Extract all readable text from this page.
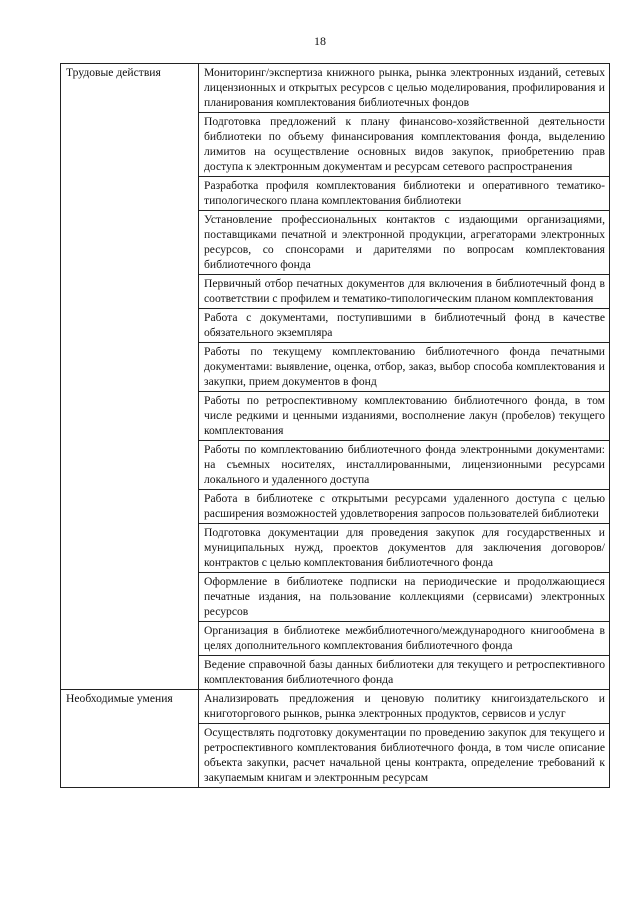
18
Трудовые действия	Мониторинг/экспертиза книжного рынка, рынка электронных изданий, сетевых лицензионных и открытых ресурсов с целью моделирования, профилирования и планирования комплектования библиотечных фондов
	Подготовка предложений к плану финансово-хозяйственной деятельности библиотеки по объему финансирования комплектования фонда, выделению лимитов на осуществление основных видов закупок, приобретению прав доступа к электронным документам и ресурсам сетевого распространения
	Разработка профиля комплектования библиотеки и оперативного тематико-типологического плана комплектования библиотеки
	Установление профессиональных контактов с издающими организациями, поставщиками печатной и электронной продукции, агрегаторами электронных ресурсов, со спонсорами и дарителями по вопросам комплектования библиотечного фонда
	Первичный отбор печатных документов для включения в библиотечный фонд в соответствии с профилем и тематико-типологическим планом комплектования
	Работа с документами, поступившими в библиотечный фонд в качестве обязательного экземпляра
	Работы по текущему комплектованию библиотечного фонда печатными документами: выявление, оценка, отбор, заказ, выбор способа комплектования и закупки, прием документов в фонд
	Работы по ретроспективному комплектованию библиотечного фонда, в том числе редкими и ценными изданиями, восполнение лакун (пробелов) текущего комплектования
	Работы по комплектованию библиотечного фонда электронными документами: на съемных носителях, инсталлированными, лицензионными ресурсами локального и удаленного доступа
	Работа в библиотеке с открытыми ресурсами удаленного доступа с целью расширения возможностей удовлетворения запросов пользователей библиотеки
	Подготовка документации для проведения закупок для государственных и муниципальных нужд, проектов документов для заключения договоров/контрактов с целью комплектования библиотечного фонда
	Оформление в библиотеке подписки на периодические и продолжающиеся печатные издания, на пользование коллекциями (сервисами) электронных ресурсов
	Организация в библиотеке межбиблиотечного/международного книгообмена в целях дополнительного комплектования библиотечного фонда
	Ведение справочной базы данных библиотеки для текущего и ретроспективного комплектования библиотечного фонда
Необходимые умения	Анализировать предложения и ценовую политику книгоиздательского и книготоргового рынков, рынка электронных продуктов, сервисов и услуг
	Осуществлять подготовку документации по проведению закупок для текущего и ретроспективного комплектования библиотечного фонда, в том числе описание объекта закупки, расчет начальной цены контракта, определение требований к закупаемым книгам и электронным ресурсам
